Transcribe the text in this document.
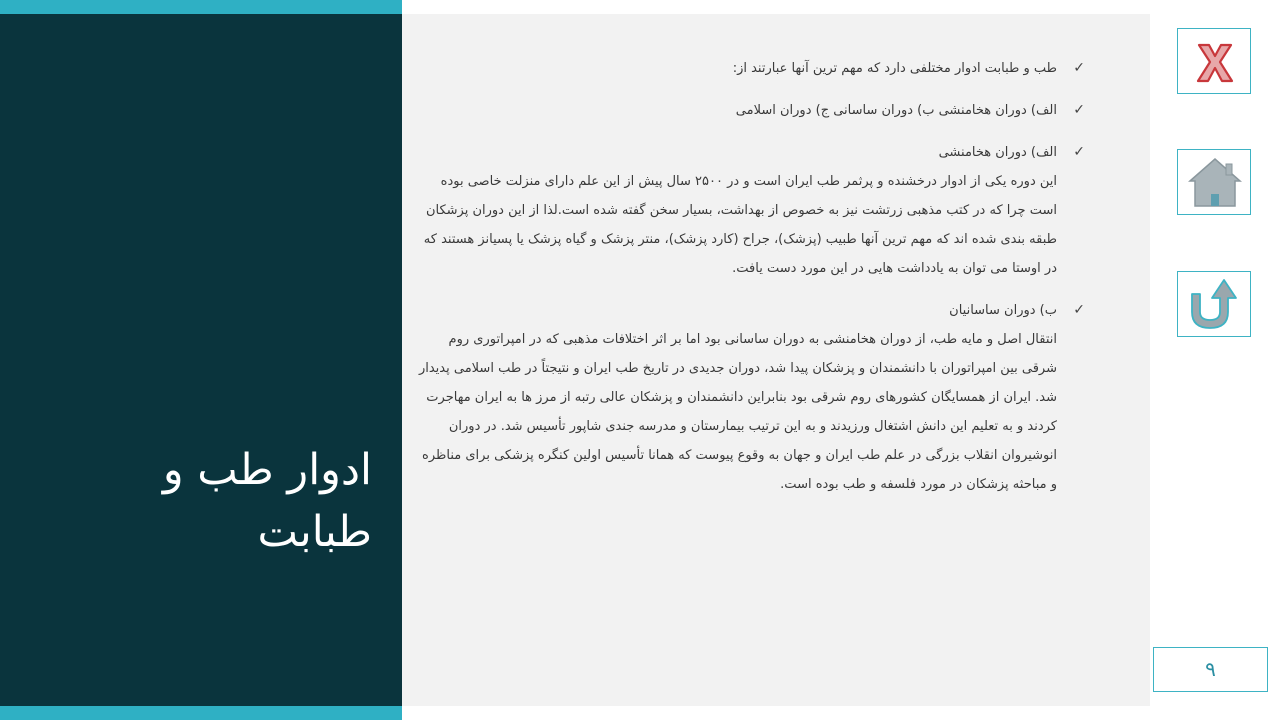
ادوار طب و
طبابت
✓
طب و طبابت ادوار مختلفی دارد که مهم ترین آنها عبارتند از:
✓
الف) دوران هخامنشی ب) دوران ساسانی ج) دوران اسلامی
✓
الف) دوران هخامنشی
این دوره یکی از ادوار درخشنده و پرثمر طب ایران است و در ۲۵۰۰ سال پیش از این علم دارای منزلت خاصی بوده است چرا که در کتب مذهبی زرتشت نیز به خصوص از بهداشت، بسیار سخن گفته شده است.لذا از این دوران پزشکان طبقه بندی شده اند که مهم ترین آنها طبیب (پزشک)، جراح (کارد پزشک)، منتر پزشک و گیاه پزشک یا پسیانز هستند که در اوستا می توان به یادداشت هایی در این مورد دست یافت.
✓
ب) دوران ساسانیان
انتقال اصل و مایه طب، از دوران هخامنشی به دوران ساسانی بود اما بر اثر اختلافات مذهبی که در امپراتوری روم شرقی بین امپراتوران با دانشمندان و پزشکان پیدا شد، دوران جدیدی در تاریخ طب ایران و نتیجتاً در طب اسلامی پدیدار شد. ایران از همسایگان کشورهای روم شرقی بود بنابراین دانشمندان و پزشکان عالی رتبه از مرز ها به ایران مهاجرت کردند و به تعلیم این دانش اشتغال ورزیدند و به این ترتیب بیمارستان و مدرسه جندی شاپور تأسیس شد. در دوران انوشیروان انقلاب بزرگی در علم طب ایران و جهان به وقوع پیوست که همانا تأسیس اولین کنگره پزشکی برای مناظره و مباحثه پزشکان در مورد فلسفه و طب بوده است.
۹
